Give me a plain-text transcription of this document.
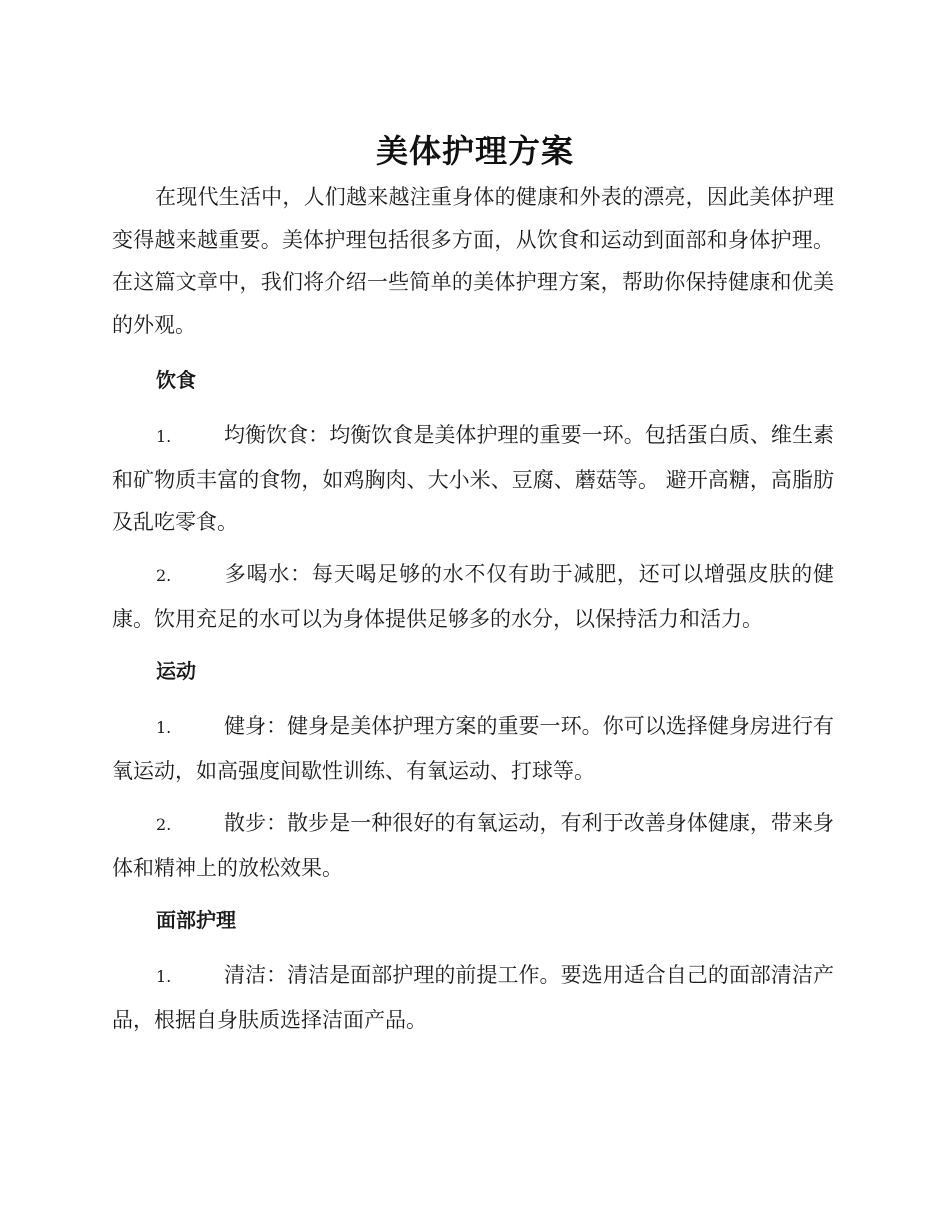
美体护理方案

在现代生活中，人们越来越注重身体的健康和外表的漂亮，因此美体护理变得越来越重要。美体护理包括很多方面，从饮食和运动到面部和身体护理。在这篇文章中，我们将介绍一些简单的美体护理方案，帮助你保持健康和优美的外观。

饮食

1.	均衡饮食：均衡饮食是美体护理的重要一环。包括蛋白质、维生素和矿物质丰富的食物，如鸡胸肉、大小米、豆腐、蘑菇等。 避开高糖，高脂肪及乱吃零食。

2.	多喝水：每天喝足够的水不仅有助于减肥，还可以增强皮肤的健康。饮用充足的水可以为身体提供足够多的水分，以保持活力和活力。

运动

1.	健身：健身是美体护理方案的重要一环。你可以选择健身房进行有氧运动，如高强度间歇性训练、有氧运动、打球等。

2.	散步：散步是一种很好的有氧运动，有利于改善身体健康，带来身体和精神上的放松效果。

面部护理

1.	清洁：清洁是面部护理的前提工作。要选用适合自己的面部清洁产品，根据自身肤质选择洁面产品。
